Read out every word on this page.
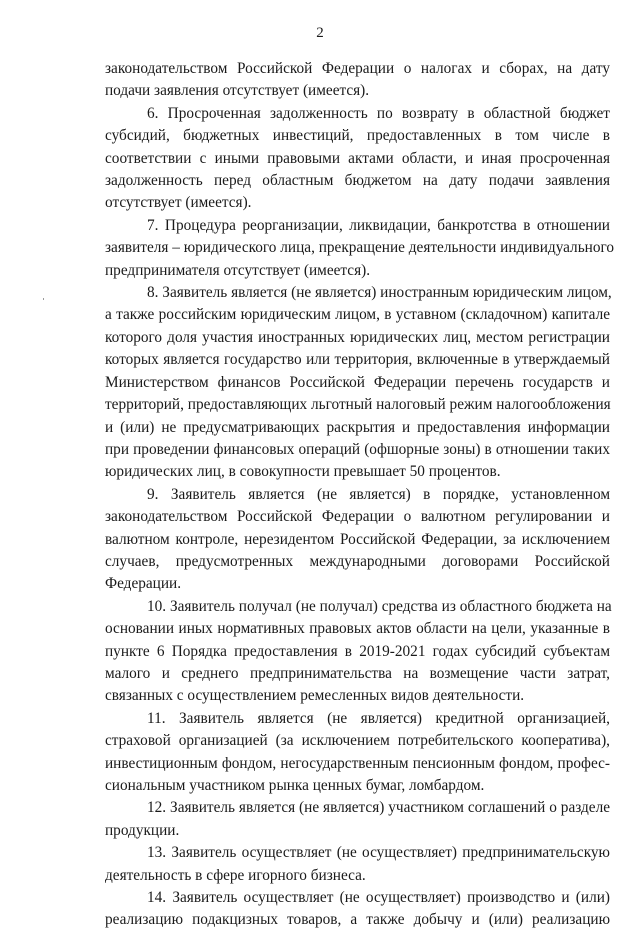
2

законодательством Российской Федерации о налогах и сборах, на дату
подачи заявления отсутствует (имеется).

6. Просроченная задолженность по возврату в областной бюджет
субсидий, бюджетных инвестиций, предоставленных в том числе в
соответствии с иными правовыми актами области, и иная просроченная
задолженность перед областным бюджетом на дату подачи заявления
отсутствует (имеется).

7. Процедура реорганизации, ликвидации, банкротства в отношении
заявителя – юридического лица, прекращение деятельности индивидуального
предпринимателя отсутствует (имеется).

8. Заявитель является (не является) иностранным юридическим лицом,
а также российским юридическим лицом, в уставном (складочном) капитале
которого доля участия иностранных юридических лиц, местом регистрации
которых является государство или территория, включенные в утверждаемый
Министерством финансов Российской Федерации перечень государств и
территорий, предоставляющих льготный налоговый режим налогообложения
и (или) не предусматривающих раскрытия и предоставления информации
при проведении финансовых операций (офшорные зоны) в отношении таких
юридических лиц, в совокупности превышает 50 процентов.

9. Заявитель является (не является) в порядке, установленном
законодательством Российской Федерации о валютном регулировании и
валютном контроле, нерезидентом Российской Федерации, за исключением
случаев, предусмотренных международными договорами Российской
Федерации.

10. Заявитель получал (не получал) средства из областного бюджета на
основании иных нормативных правовых актов области на цели, указанные в
пункте 6 Порядка предоставления в 2019-2021 годах субсидий субъектам
малого и среднего предпринимательства на возмещение части затрат,
связанных с осуществлением ремесленных видов деятельности.

11. Заявитель является (не является) кредитной организацией,
страховой организацией (за исключением потребительского кооператива),
инвестиционным фондом, негосударственным пенсионным фондом, профес-
сиональным участником рынка ценных бумаг, ломбардом.

12. Заявитель является (не является) участником соглашений о разделе
продукции.

13. Заявитель осуществляет (не осуществляет) предпринимательскую
деятельность в сфере игорного бизнеса.

14. Заявитель осуществляет (не осуществляет) производство и (или)
реализацию подакцизных товаров, а также добычу и (или) реализацию
